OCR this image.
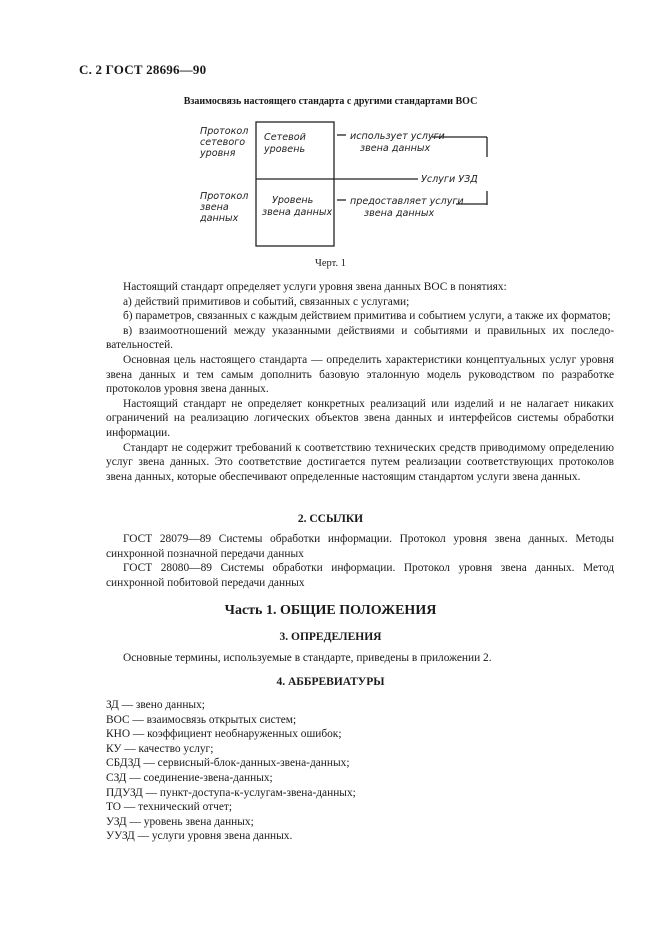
С. 2 ГОСТ 28696—90
Взаимосвязь настоящего стандарта с другими стандартами ВОС
Протокол
сетевого
уровня
Протокол
звена
данных
Сетевой
уровень
Уровень
звена данных
использует услуги
звена данных
Услуги УЗД
предоставляет услуги
звена данных
Черт. 1

Настоящий стандарт определяет услуги уровня звена данных ВОС в понятиях:

а) действий примитивов и событий, связанных с услугами;

б) параметров, связанных с каждым действием примитива и событием услуги, а также их форматов;

в) взаимоотношений между указанными действиями и событиями и правильных их последо-вательностей.

Основная цель настоящего стандарта — определить характеристики концептуальных услуг уровня звена данных и тем самым дополнить базовую эталонную модель руководством по разработке протоколов уровня звена данных.

Настоящий стандарт не определяет конкретных реализаций или изделий и не налагает никаких ограничений на реализацию логических объектов звена данных и интерфейсов системы обработки информации.

Стандарт не содержит требований к соответствию технических средств приводимому определению услуг звена данных. Это соответствие достигается путем реализации соответствующих протоколов звена данных, которые обеспечивают определенные настоящим стандартом услуги звена данных.

2. ССЫЛКИ

ГОСТ 28079—89 Системы обработки информации. Протокол уровня звена данных. Методы синхронной позначной передачи данных

ГОСТ 28080—89 Системы обработки информации. Протокол уровня звена данных. Метод синхронной побитовой передачи данных

Часть 1. ОБЩИЕ ПОЛОЖЕНИЯ
3. ОПРЕДЕЛЕНИЯ

Основные термины, используемые в стандарте, приведены в приложении 2.

4. АББРЕВИАТУРЫ
ЗД — звено данных;
ВОС — взаимосвязь открытых систем;
КНО — коэффициент необнаруженных ошибок;
КУ — качество услуг;
СБДЗД — сервисный-блок-данных-звена-данных;
СЗД — соединение-звена-данных;
ПДУЗД — пункт-доступа-к-услугам-звена-данных;
ТО — технический отчет;
УЗД — уровень звена данных;
УУЗД — услуги уровня звена данных.
